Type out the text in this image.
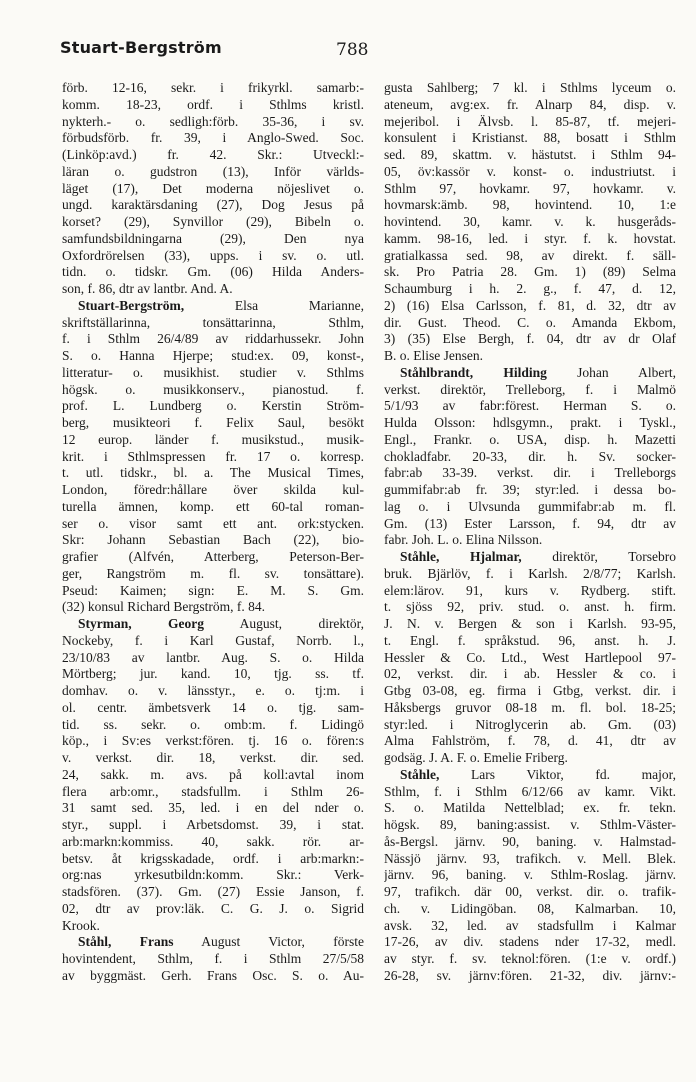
Stuart-Bergström	788
förb. 12-16, sekr. i frikyrkl. samarb:-
komm. 18-23, ordf. i Sthlms kristl.
nykterh.- o. sedligh:förb. 35-36, i sv.
förbudsförb. fr. 39, i Anglo-Swed. Soc.
(Linköp:avd.) fr. 42. Skr.: Utveckl:-
läran o. gudstron (13), Inför världs-
läget (17), Det moderna nöjeslivet o.
ungd. karaktärsdaning (27), Dog Jesus på
korset? (29), Synvillor (29), Bibeln o.
samfundsbildningarna (29), Den nya
Oxfordrörelsen (33), upps. i sv. o. utl.
tidn. o. tidskr. Gm. (06) Hilda Anders-
son, f. 86, dtr av lantbr. And. A.
Stuart-Bergström, Elsa Marianne,
skriftställarinna, tonsättarinna, Sthlm,
f. i Sthlm 26/4/89 av riddarhussekr. John
S. o. Hanna Hjerpe; stud:ex. 09, konst-,
litteratur- o. musikhist. studier v. Sthlms
högsk. o. musikkonserv., pianostud. f.
prof. L. Lundberg o. Kerstin Ström-
berg, musikteori f. Felix Saul, besökt
12 europ. länder f. musikstud., musik-
krit. i Sthlmspressen fr. 17 o. korresp.
t. utl. tidskr., bl. a. The Musical Times,
London, föredr:hållare över skilda kul-
turella ämnen, komp. ett 60-tal roman-
ser o. visor samt ett ant. ork:stycken.
Skr: Johann Sebastian Bach (22), bio-
grafier (Alfvén, Atterberg, Peterson-Ber-
ger, Rangström m. fl. sv. tonsättare).
Pseud: Kaimen; sign: E. M. S. Gm.
(32) konsul Richard Bergström, f. 84.
Styrman, Georg August, direktör,
Nockeby, f. i Karl Gustaf, Norrb. l.,
23/10/83 av lantbr. Aug. S. o. Hilda
Mörtberg; jur. kand. 10, tjg. ss. tf.
domhav. o. v. länsstyr., e. o. tj:m. i
ol. centr. ämbetsverk 14 o. tjg. sam-
tid. ss. sekr. o. omb:m. f. Lidingö
köp., i Sv:es verkst:fören. tj. 16 o. fören:s
v. verkst. dir. 18, verkst. dir. sed.
24, sakk. m. avs. på koll:avtal inom
flera arb:omr., stadsfullm. i Sthlm 26-
31 samt sed. 35, led. i en del nder o.
styr., suppl. i Arbetsdomst. 39, i stat.
arb:markn:kommiss. 40, sakk. rör. ar-
betsv. åt krigsskadade, ordf. i arb:markn:-
org:nas yrkesutbildn:komm. Skr.: Verk-
stadsfören. (37). Gm. (27) Essie Janson, f.
02, dtr av prov:läk. C. G. J. o. Sigrid
Krook.
Ståhl, Frans August Victor, förste
hovintendent, Sthlm, f. i Sthlm 27/5/58
av byggmäst. Gerh. Frans Osc. S. o. Au-
gusta Sahlberg; 7 kl. i Sthlms lyceum o.
ateneum, avg:ex. fr. Alnarp 84, disp. v.
mejeribol. i Älvsb. l. 85-87, tf. mejeri-
konsulent i Kristianst. 88, bosatt i Sthlm
sed. 89, skattm. v. hästutst. i Sthlm 94-
05, öv:kassör v. konst- o. industriutst. i
Sthlm 97, hovkamr. 97, hovkamr. v.
hovmarsk:ämb. 98, hovintend. 10, 1:e
hovintend. 30, kamr. v. k. husgeråds-
kamm. 98-16, led. i styr. f. k. hovstat.
gratialkassa sed. 98, av direkt. f. säll-
sk. Pro Patria 28. Gm. 1) (89) Selma
Schaumburg i h. 2. g., f. 47, d. 12,
2) (16) Elsa Carlsson, f. 81, d. 32, dtr av
dir. Gust. Theod. C. o. Amanda Ekbom,
3) (35) Else Bergh, f. 04, dtr av dr Olaf
B. o. Elise Jensen.
Ståhlbrandt, Hilding Johan Albert,
verkst. direktör, Trelleborg, f. i Malmö
5/1/93 av fabr:förest. Herman S. o.
Hulda Olsson: hdlsgymn., prakt. i Tyskl.,
Engl., Frankr. o. USA, disp. h. Mazetti
chokladfabr. 20-33, dir. h. Sv. socker-
fabr:ab 33-39. verkst. dir. i Trelleborgs
gummifabr:ab fr. 39; styr:led. i dessa bo-
lag o. i Ulvsunda gummifabr:ab m. fl.
Gm. (13) Ester Larsson, f. 94, dtr av
fabr. Joh. L. o. Elina Nilsson.
Ståhle, Hjalmar, direktör, Torsebro
bruk. Bjärlöv, f. i Karlsh. 2/8/77; Karlsh.
elem:lärov. 91, kurs v. Rydberg. stift.
t. sjöss 92, priv. stud. o. anst. h. firm.
J. N. v. Bergen & son i Karlsh. 93-95,
t. Engl. f. språkstud. 96, anst. h. J.
Hessler & Co. Ltd., West Hartlepool 97-
02, verkst. dir. i ab. Hessler & co. i
Gtbg 03-08, eg. firma i Gtbg, verkst. dir. i
Håksbergs gruvor 08-18 m. fl. bol. 18-25;
styr:led. i Nitroglycerin ab. Gm. (03)
Alma Fahlström, f. 78, d. 41, dtr av
godsäg. J. A. F. o. Emelie Friberg.
Ståhle, Lars Viktor, fd. major,
Sthlm, f. i Sthlm 6/12/66 av kamr. Vikt.
S. o. Matilda Nettelblad; ex. fr. tekn.
högsk. 89, baning:assist. v. Sthlm-Väster-
ås-Bergsl. järnv. 90, baning. v. Halmstad-
Nässjö järnv. 93, trafikch. v. Mell. Blek.
järnv. 96, baning. v. Sthlm-Roslag. järnv.
97, trafikch. där 00, verkst. dir. o. trafik-
ch. v. Lidingöban. 08, Kalmarban. 10,
avsk. 32, led. av stadsfullm i Kalmar
17-26, av div. stadens nder 17-32, medl.
av styr. f. sv. teknol:fören. (1:e v. ordf.)
26-28, sv. järnv:fören. 21-32, div. järnv:-
